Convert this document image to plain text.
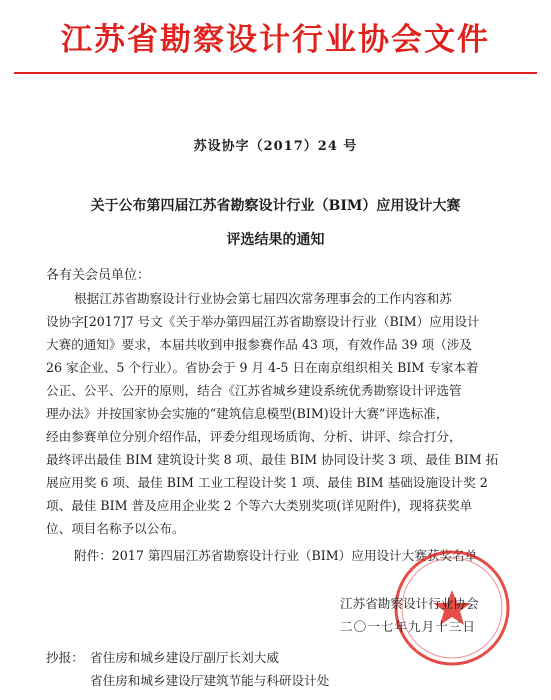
江苏省勘察设计行业协会文件
苏设协字（2017）24 号
关于公布第四届江苏省勘察设计行业（BIM）应用设计大赛
评选结果的通知
各有关会员单位：
根据江苏省勘察设计行业协会第七届四次常务理事会的工作内容和苏
设协字[2017]7 号文《关于举办第四届江苏省勘察设计行业（BIM）应用设计
大赛的通知》要求，本届共收到申报参赛作品 43 项，有效作品 39 项（涉及
26 家企业、5 个行业）。省协会于 9 月 4-5 日在南京组织相关 BIM 专家本着
公正、公平、公开的原则，结合《江苏省城乡建设系统优秀勘察设计评选管
理办法》并按国家协会实施的“建筑信息模型(BIM)设计大赛”评选标准，
经由参赛单位分别介绍作品，评委分组现场质询、分析、讲评、综合打分，
最终评出最佳 BIM 建筑设计奖 8 项、最佳 BIM 协同设计奖 3 项、最佳 BIM 拓
展应用奖 6 项、最佳 BIM 工业工程设计奖 1 项、最佳 BIM 基础设施设计奖 2
项、最佳 BIM 普及应用企业奖 2 个等六大类别奖项(详见附件)，现将获奖单
位、项目名称予以公布。
附件：2017 第四届江苏省勘察设计行业（BIM）应用设计大赛获奖名单
江苏省勘察设计行业协会
二〇一七年九月十三日
抄报： 省住房和城乡建设厅副厅长刘大威
省住房和城乡建设厅建筑节能与科研设计处
